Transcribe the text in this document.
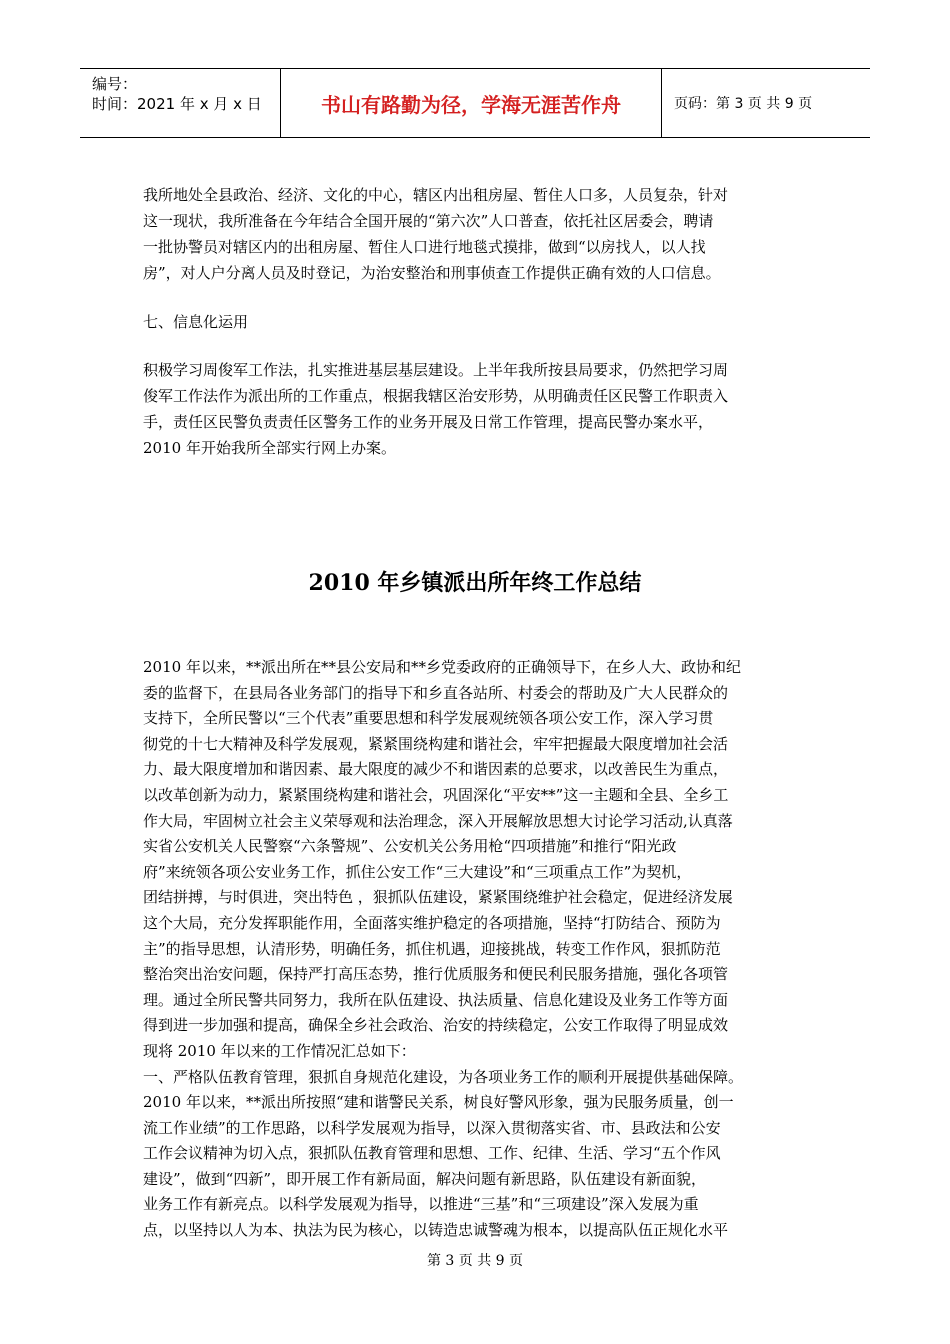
编号：
时间：2021 年 x 月 x 日	书山有路勤为径，学海无涯苦作舟	页码：第 3 页 共 9 页
我所地处全县政治、经济、文化的中心，辖区内出租房屋、暂住人口多，人员复杂，针对
这一现状，我所准备在今年结合全国开展的“第六次”人口普查，依托社区居委会，聘请
一批协警员对辖区内的出租房屋、暂住人口进行地毯式摸排，做到“以房找人，以人找
房”，对人户分离人员及时登记，为治安整治和刑事侦查工作提供正确有效的人口信息。
七、信息化运用
积极学习周俊军工作法，扎实推进基层基层建设。上半年我所按县局要求，仍然把学习周
俊军工作法作为派出所的工作重点，根据我辖区治安形势，从明确责任区民警工作职责入
手，责任区民警负责责任区警务工作的业务开展及日常工作管理，提高民警办案水平，
2010 年开始我所全部实行网上办案。
2010 年乡镇派出所年终工作总结
2010 年以来，**派出所在**县公安局和**乡党委政府的正确领导下，在乡人大、政协和纪
委的监督下，在县局各业务部门的指导下和乡直各站所、村委会的帮助及广大人民群众的
支持下，全所民警以“三个代表”重要思想和科学发展观统领各项公安工作，深入学习贯
彻党的十七大精神及科学发展观，紧紧围绕构建和谐社会，牢牢把握最大限度增加社会活
力、最大限度增加和谐因素、最大限度的减少不和谐因素的总要求，以改善民生为重点，
以改革创新为动力，紧紧围绕构建和谐社会，巩固深化“平安**”这一主题和全县、全乡工
作大局，牢固树立社会主义荣辱观和法治理念，深入开展解放思想大讨论学习活动,认真落
实省公安机关人民警察“六条警规”、公安机关公务用枪“四项措施”和推行“阳光政
府”来统领各项公安业务工作，抓住公安工作“三大建设”和“三项重点工作”为契机，
团结拼搏，与时俱进，突出特色 ，狠抓队伍建设，紧紧围绕维护社会稳定，促进经济发展
这个大局，充分发挥职能作用，全面落实维护稳定的各项措施，坚持“打防结合、预防为
主”的指导思想，认清形势，明确任务，抓住机遇，迎接挑战，转变工作作风，狠抓防范
整治突出治安问题，保持严打高压态势，推行优质服务和便民利民服务措施，强化各项管
理。通过全所民警共同努力，我所在队伍建设、执法质量、信息化建设及业务工作等方面
得到进一步加强和提高，确保全乡社会政治、治安的持续稳定，公安工作取得了明显成效
现将 2010 年以来的工作情况汇总如下：
一、严格队伍教育管理，狠抓自身规范化建设，为各项业务工作的顺利开展提供基础保障。
2010 年以来，**派出所按照“建和谐警民关系，树良好警风形象，强为民服务质量，创一
流工作业绩”的工作思路，以科学发展观为指导，以深入贯彻落实省、市、县政法和公安
工作会议精神为切入点，狠抓队伍教育管理和思想、工作、纪律、生活、学习“五个作风
建设”，做到“四新”，即开展工作有新局面，解决问题有新思路，队伍建设有新面貌，
业务工作有新亮点。以科学发展观为指导，以推进“三基”和“三项建设”深入发展为重
点，以坚持以人为本、执法为民为核心，以铸造忠诚警魂为根本，以提高队伍正规化水平
第 3 页 共 9 页
